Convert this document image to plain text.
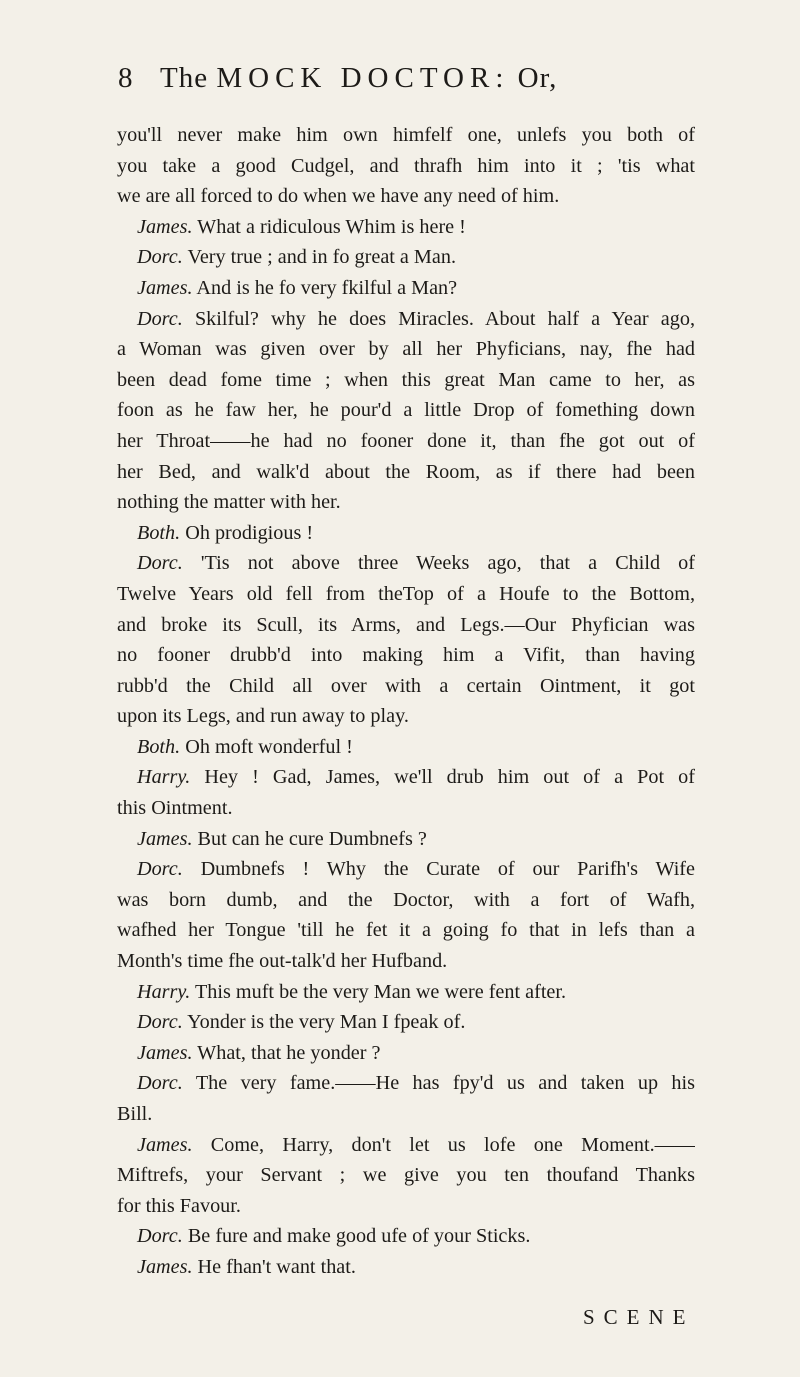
8 The MOCK DOCTOR: Or,
you'll never make him own himfelf one, unlefs you both of
you take a good Cudgel, and thrafh him into it ; 'tis what
we are all forced to do when we have any need of him.
James. What a ridiculous Whim is here !
Dorc. Very true ; and in fo great a Man.
James. And is he fo very fkilful a Man?
Dorc. Skilful? why he does Miracles. About half a Year ago,
a Woman was given over by all her Phyficians, nay, fhe had
been dead fome time ; when this great Man came to her, as
foon as he faw her, he pour'd a little Drop of fomething down
her Throat——he had no fooner done it, than fhe got out of
her Bed, and walk'd about the Room, as if there had been
nothing the matter with her.
Both. Oh prodigious !
Dorc. 'Tis not above three Weeks ago, that a Child of
Twelve Years old fell from theTop of a Houfe to the Bottom,
and broke its Scull, its Arms, and Legs.—Our Phyfician was
no fooner drubb'd into making him a Vifit, than having
rubb'd the Child all over with a certain Ointment, it got
upon its Legs, and run away to play.
Both. Oh moft wonderful !
Harry. Hey ! Gad, James, we'll drub him out of a Pot of
this Ointment.
James. But can he cure Dumbnefs ?
Dorc. Dumbnefs ! Why the Curate of our Parifh's Wife
was born dumb, and the Doctor, with a fort of Wafh,
wafhed her Tongue 'till he fet it a going fo that in lefs than a
Month's time fhe out-talk'd her Hufband.
Harry. This muft be the very Man we were fent after.
Dorc. Yonder is the very Man I fpeak of.
James. What, that he yonder ?
Dorc. The very fame.——He has fpy'd us and taken up his
Bill.
James. Come, Harry, don't let us lofe one Moment.——
Miftrefs, your Servant ; we give you ten thoufand Thanks
for this Favour.
Dorc. Be fure and make good ufe of your Sticks.
James. He fhan't want that.
SCENE
